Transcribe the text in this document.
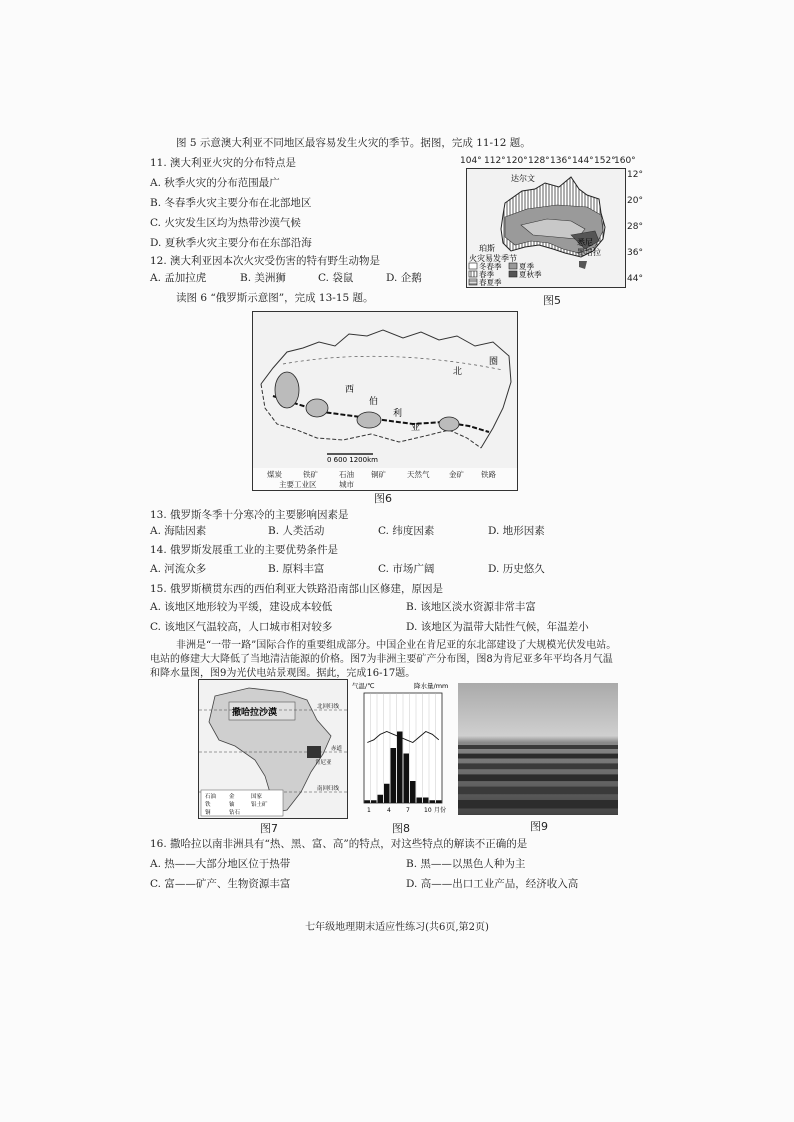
图 5 示意澳大利亚不同地区最容易发生火灾的季节。据图，完成 11-12 题。
11. 澳大利亚火灾的分布特点是
A. 秋季火灾的分布范围最广
B. 冬春季火灾主要分布在北部地区
C. 火灾发生区均为热带沙漠气候
D. 夏秋季火灾主要分布在东部沿海
12. 澳大利亚因本次火灾受伤害的特有野生动物是
A. 孟加拉虎	B. 美洲狮	C. 袋鼠	D. 企鹅
104° 112° 120° 128° 136° 144° 152°
160°
达尔文
珀斯
悉尼
墨培拉
火灾易发季节
冬春季 夏季
春季	夏秋季
春夏季
12°
20°
28°
36°
44°
图5
读图 6 “俄罗斯示意图”，完成 13-15 题。
西
伯
利
亚
北
圈
0 600 1200km
煤炭	铁矿	石油 铜矿	天然气	金矿 铁路
主要工业区	城市
图6
13. 俄罗斯冬季十分寒冷的主要影响因素是
A. 海陆因素	B. 人类活动	C. 纬度因素	D. 地形因素
14. 俄罗斯发展重工业的主要优势条件是
A. 河流众多	B. 原料丰富	C. 市场广阔	D. 历史悠久
15. 俄罗斯横贯东西的西伯利亚大铁路沿南部山区修建，原因是
A. 该地区地形较为平缓，建设成本较低	B. 该地区淡水资源非常丰富
C. 该地区气温较高，人口城市相对较多	D. 该地区为温带大陆性气候，年温差小
非洲是“一带一路”国际合作的重要组成部分。中国企业在肯尼亚的东北部建设了大规模光伏发电站。
电站的修建大大降低了当地清洁能源的价格。图7为非洲主要矿产分布图，图8为肯尼亚多年平均各月气温
和降水量图，图9为光伏电站景观图。据此，完成16-17题。
撒哈拉沙漠
北回归线
赤道
肯尼亚
南回归线
石油 金	国家
铁	铀	铝土矿
铜	钻石
图7
气温/℃	降水量/mm
1	4	7 10 月份
图8	图9
16. 撒哈拉以南非洲具有“热、黑、富、高”的特点，对这些特点的解读不正确的是
A. 热——大部分地区位于热带	B. 黑——以黑色人种为主
C. 富——矿产、生物资源丰富	D. 高——出口工业产品，经济收入高
七年级地理期末适应性练习(共6页,第2页)
